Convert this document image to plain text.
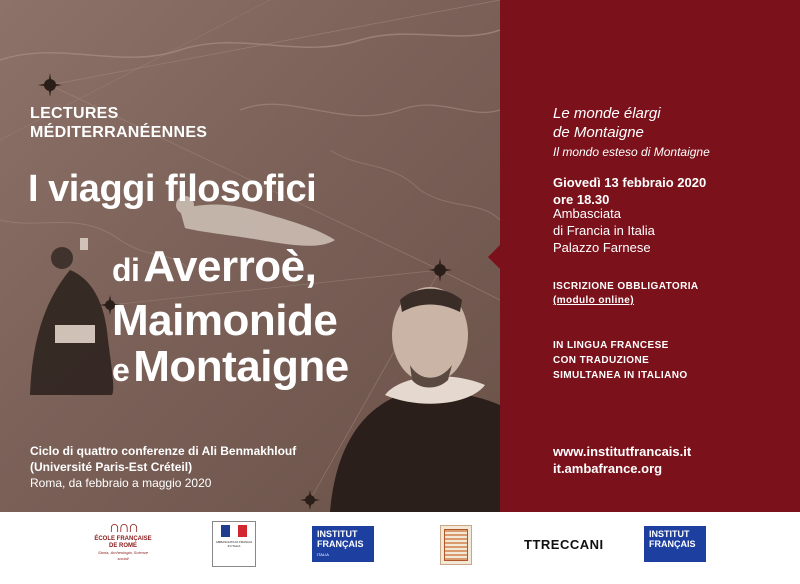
LECTURES
MÉDITERRANÉENNES
I viaggi filosofici
di Averroè,
Maimonide
e Montaigne
Ciclo di quattro conferenze di Ali Benmakhlouf
(Université Paris-Est Créteil)
Roma, da febbraio a maggio 2020
Le monde élargi
de Montaigne
Il mondo esteso di Montaigne
Giovedì 13 febbraio 2020
ore 18.30
Ambasciata
di Francia in Italia
Palazzo Farnese
ISCRIZIONE OBBLIGATORIA
(modulo online)
IN LINGUA FRANCESE
CON TRADUZIONE
SIMULTANEA IN ITALIANO
www.institutfrancais.it
it.ambafrance.org
∩∩∩
ÉCOLE FRANÇAISE
DE ROME
Storia, Archeologia, Scienze sociali
AMBASCIATA DI FRANCIA IN ITALIA
INSTITUT
FRANÇAIS
ITALIA
TTRECCANI
INSTITUT
FRANÇAIS
